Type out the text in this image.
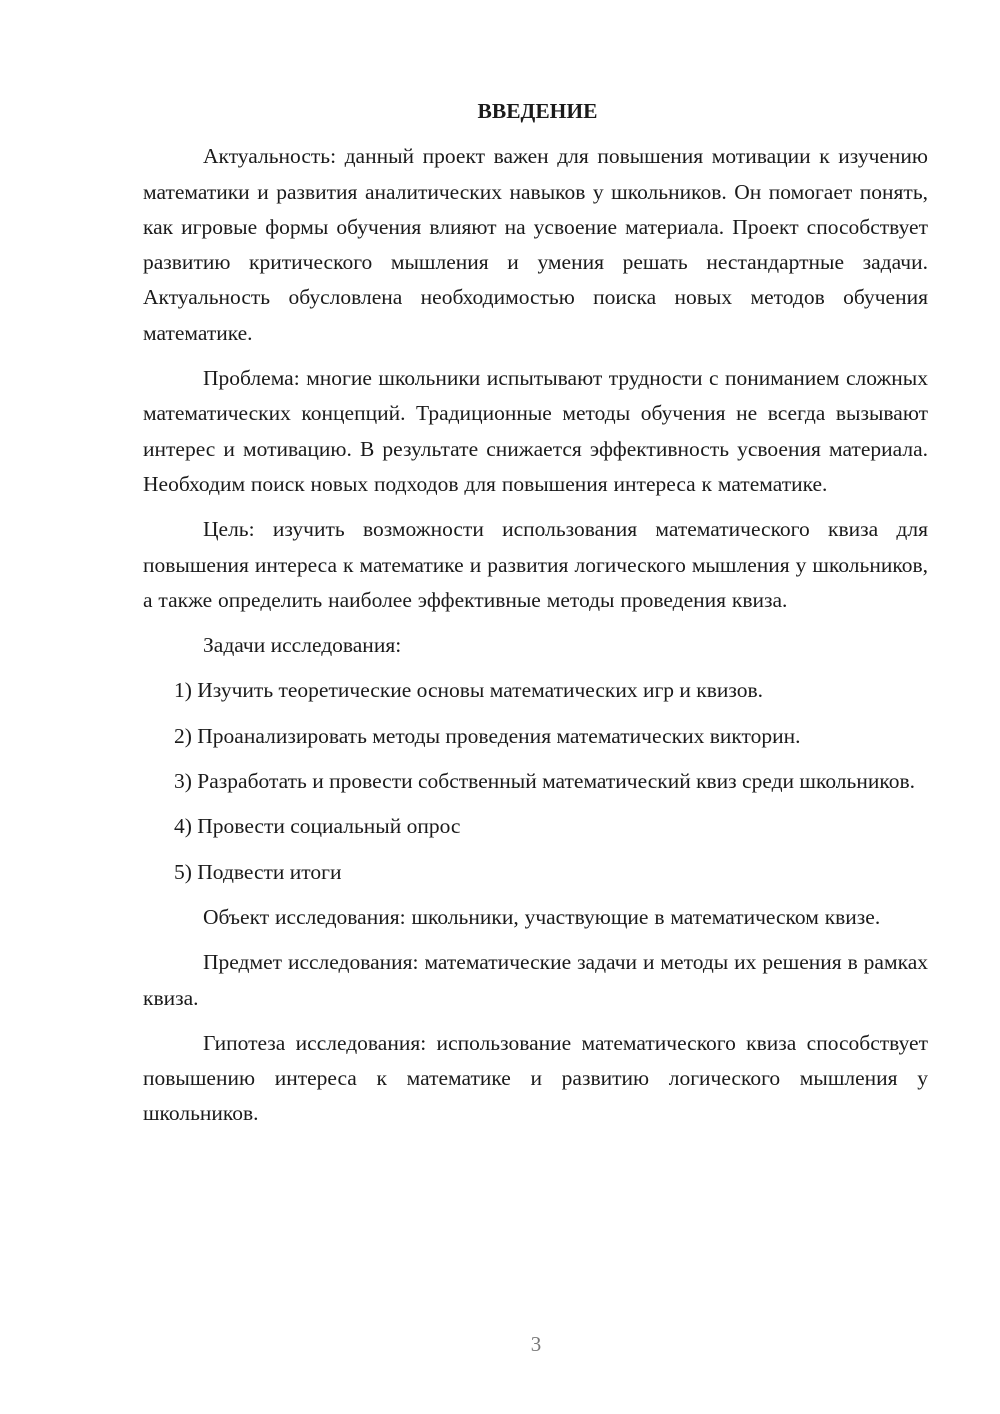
ВВЕДЕНИЕ

Актуальность: данный проект важен для повышения мотивации к изучению математики и развития аналитических навыков у школьников. Он помогает понять, как игровые формы обучения влияют на усвоение материала. Проект способствует развитию критического мышления и умения решать нестандартные задачи. Актуальность обусловлена необходимостью поиска новых методов обучения математике.

Проблема: многие школьники испытывают трудности с пониманием сложных математических концепций. Традиционные методы обучения не всегда вызывают интерес и мотивацию. В результате снижается эффективность усвоения материала. Необходим поиск новых подходов для повышения интереса к математике.

Цель: изучить возможности использования математического квиза для повышения интереса к математике и развития логического мышления у школьников, а также определить наиболее эффективные методы проведения квиза.

Задачи исследования:

1) Изучить теоретические основы математических игр и квизов.

2) Проанализировать методы проведения математических викторин.

3) Разработать и провести собственный математический квиз среди школьников.

4) Провести социальный опрос

5) Подвести итоги

Объект исследования: школьники, участвующие в математическом квизе.

Предмет исследования: математические задачи и методы их решения в рамках квиза.

Гипотеза исследования: использование математического квиза способствует повышению интереса к математике и развитию логического мышления у школьников.

3
